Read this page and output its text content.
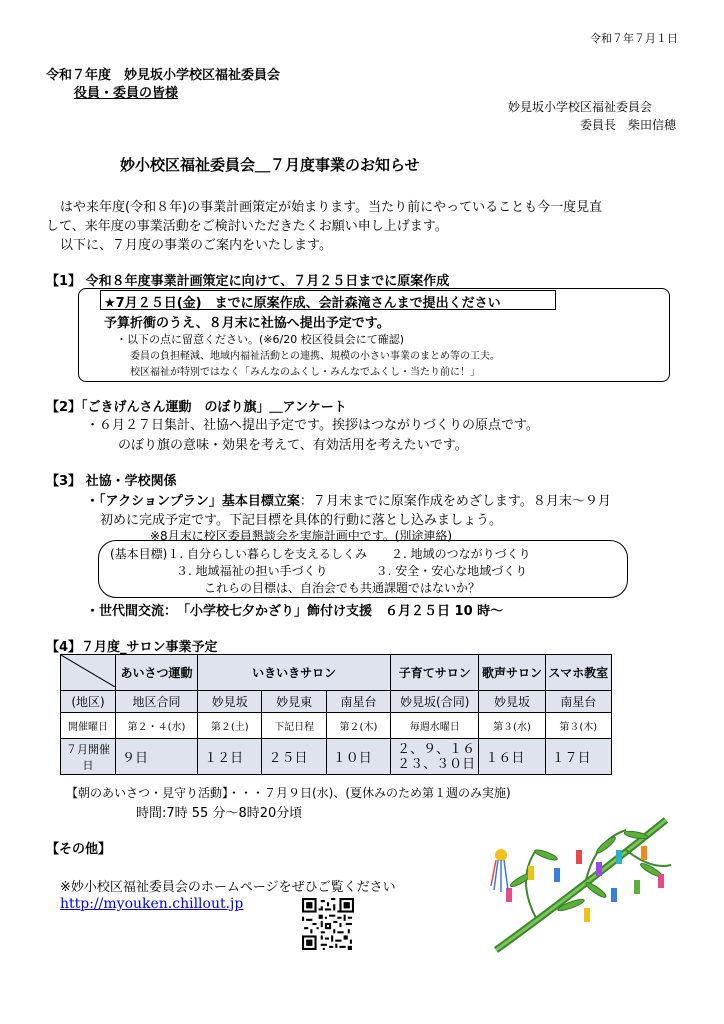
令和７年７月１日
令和７年度　妙見坂小学校区福祉委員会
役員・委員の皆様
妙見坂小学校区福祉委員会
委員長　柴田信穂
妙小校区福祉委員会＿７月度事業のお知らせ
はや来年度(令和８年)の事業計画策定が始まります。当たり前にやっていることも今一度見直
して、来年度の事業活動をご検討いただきたくお願い申し上げます。
以下に、７月度の事業のご案内をいたします。
【1】 令和８年度事業計画策定に向けて、７月２５日までに原案作成
★7月２５日(金)　までに原案作成、会計森滝さんまで提出ください
予算折衝のうえ、８月末に社協へ提出予定です。
・以下の点に留意ください。(※6/20 校区役員会にて確認)
委員の負担軽減、地域内福祉活動との連携、規模の小さい事業のまとめ等の工夫。
校区福祉が特別ではなく「みんなのふくし・みんなでふくし・当たり前に！」
【2】「ごきげんさん運動　のぼり旗」＿アンケート
・６月２７日集計、社協へ提出予定です。挨拶はつながりづくりの原点です。
のぼり旗の意味・効果を考えて、有効活用を考えたいです。
【3】 社協・学校関係
・「アクションプラン」基本目標立案：７月末までに原案作成をめざします。８月末～９月
初めに完成予定です。下記目標を具体的行動に落とし込みましょう。
※8月末に校区委員懇談会を実施計画中です。(別途連絡)
(基本目標)１. 自分らしい暮らしを支えるしくみ　　２. 地域のつながりづくり
３. 地域福祉の担い手づくり　　　　３. 安全・安心な地域づくり
これらの目標は、自治会でも共通課題ではないか？
・世代間交流：　「小学校七夕かざり」飾付け支援　６月２５日 10 時～
【4】７月度_サロン事業予定
	あいさつ運動	いきいきサロン			子育てサロン	歌声サロン	スマホ教室
(地区)	地区合同	妙見坂	妙見東	南星台	妙見坂(合同)	妙見坂	南星台
開催曜日	第２・４(水)	第２(土)	下記日程	第２(木)	毎週水曜日	第３(水)	第３(木)
７月開催日	９日	１２日	２５日	１０日	２、９、１６ ２３、３０日	１６日	１７日
【朝のあいさつ・見守り活動】・・・７月９日(水)、(夏休みのため第１週のみ実施)
時間:7時 55 分～8時20分頃
【その他】
※妙小校区福祉委員会のホームページをぜひご覧ください
http://myouken.chillout.jp
